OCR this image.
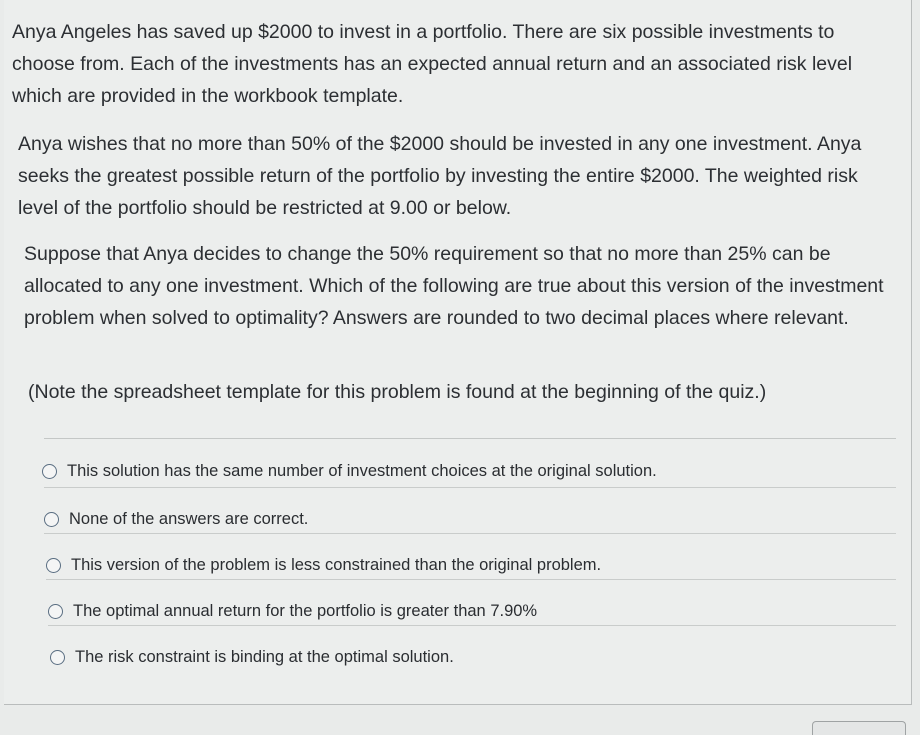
Anya Angeles has saved up $2000 to invest in a portfolio. There are six possible investments to choose from. Each of the investments has an expected annual return and an associated risk level which are provided in the workbook template.

Anya wishes that no more than 50% of the $2000 should be invested in any one investment. Anya seeks the greatest possible return of the portfolio by investing the entire $2000. The weighted risk level of the portfolio should be restricted at 9.00 or below.

Suppose that Anya decides to change the 50% requirement so that no more than 25% can be allocated to any one investment. Which of the following are true about this version of the investment problem when solved to optimality? Answers are rounded to two decimal places where relevant.

(Note the spreadsheet template for this problem is found at the beginning of the quiz.)

This solution has the same number of investment choices at the original solution.
None of the answers are correct.
This version of the problem is less constrained than the original problem.
The optimal annual return for the portfolio is greater than 7.90%
The risk constraint is binding at the optimal solution.
